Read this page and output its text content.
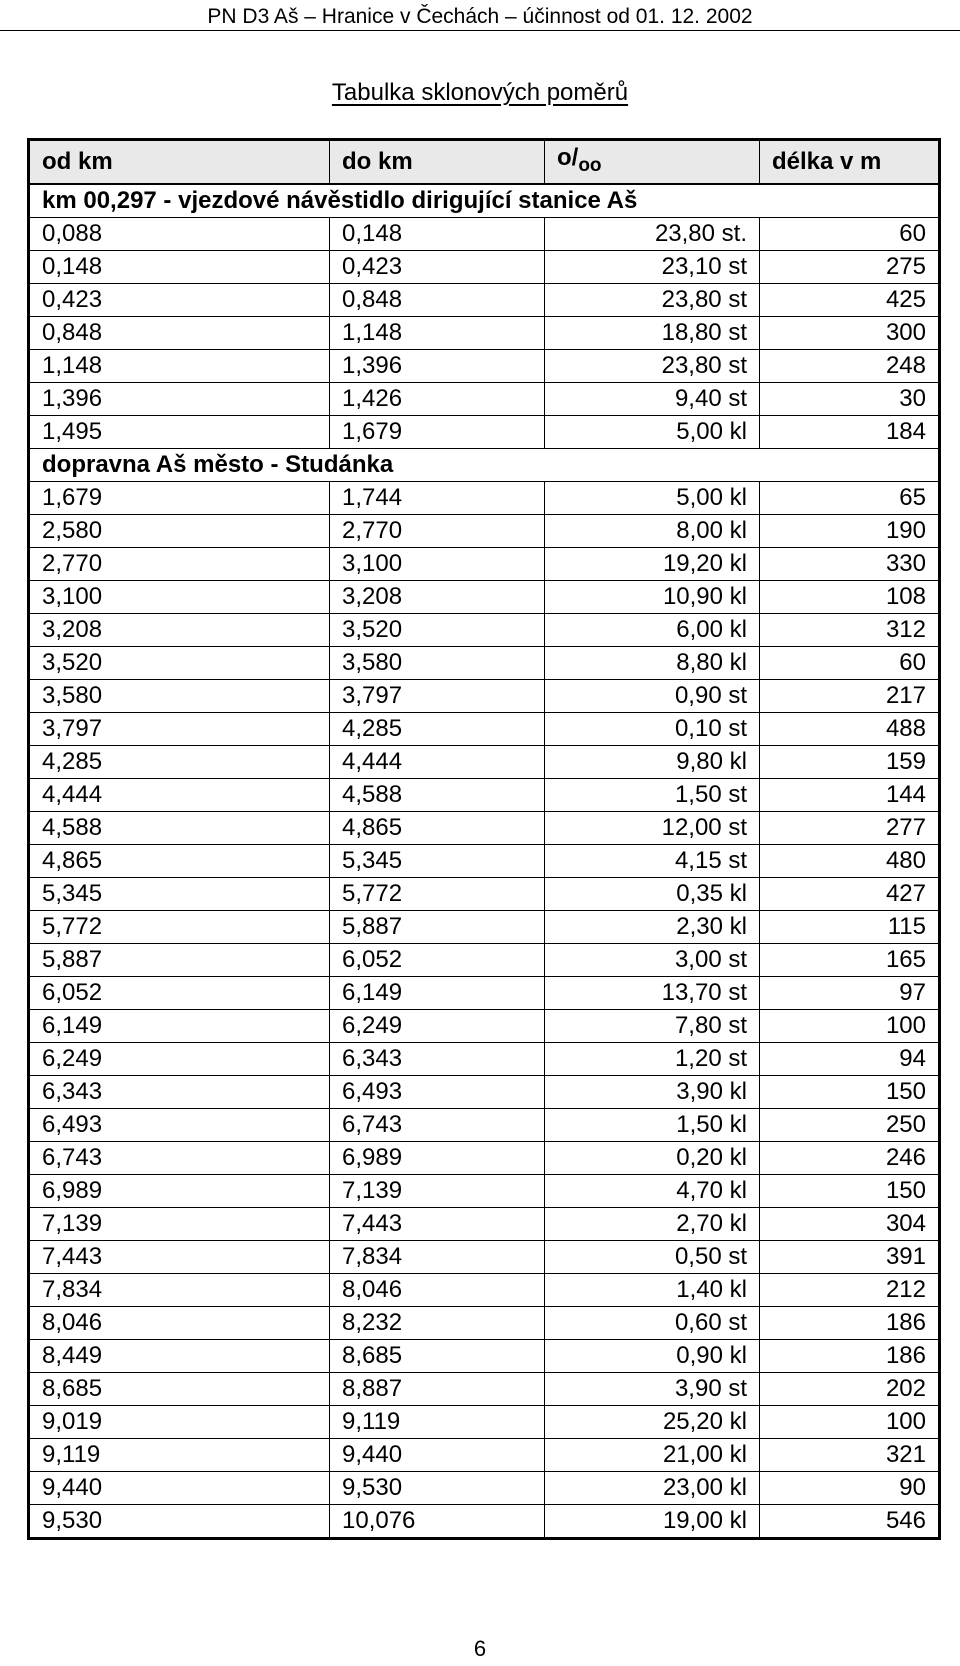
PN D3 Aš – Hranice v Čechách – účinnost od 01. 12. 2002
Tabulka sklonových poměrů
od km	do km	$o/_{oo}$	délka v m
km 00,297 - vjezdové návěstidlo dirigující stanice Aš			
0,088	0,148	23,80 st.	60
0,148	0,423	23,10 st	275
0,423	0,848	23,80 st	425
0,848	1,148	18,80 st	300
1,148	1,396	23,80 st	248
1,396	1,426	9,40 st	30
1,495	1,679	5,00 kl	184
dopravna Aš město - Studánka			
1,679	1,744	5,00 kl	65
2,580	2,770	8,00 kl	190
2,770	3,100	19,20 kl	330
3,100	3,208	10,90 kl	108
3,208	3,520	6,00 kl	312
3,520	3,580	8,80 kl	60
3,580	3,797	0,90 st	217
3,797	4,285	0,10 st	488
4,285	4,444	9,80 kl	159
4,444	4,588	1,50 st	144
4,588	4,865	12,00 st	277
4,865	5,345	4,15 st	480
5,345	5,772	0,35 kl	427
5,772	5,887	2,30 kl	115
5,887	6,052	3,00 st	165
6,052	6,149	13,70 st	97
6,149	6,249	7,80 st	100
6,249	6,343	1,20 st	94
6,343	6,493	3,90 kl	150
6,493	6,743	1,50 kl	250
6,743	6,989	0,20 kl	246
6,989	7,139	4,70 kl	150
7,139	7,443	2,70 kl	304
7,443	7,834	0,50 st	391
7,834	8,046	1,40 kl	212
8,046	8,232	0,60 st	186
8,449	8,685	0,90 kl	186
8,685	8,887	3,90 st	202
9,019	9,119	25,20 kl	100
9,119	9,440	21,00 kl	321
9,440	9,530	23,00 kl	90
9,530	10,076	19,00 kl	546
6
